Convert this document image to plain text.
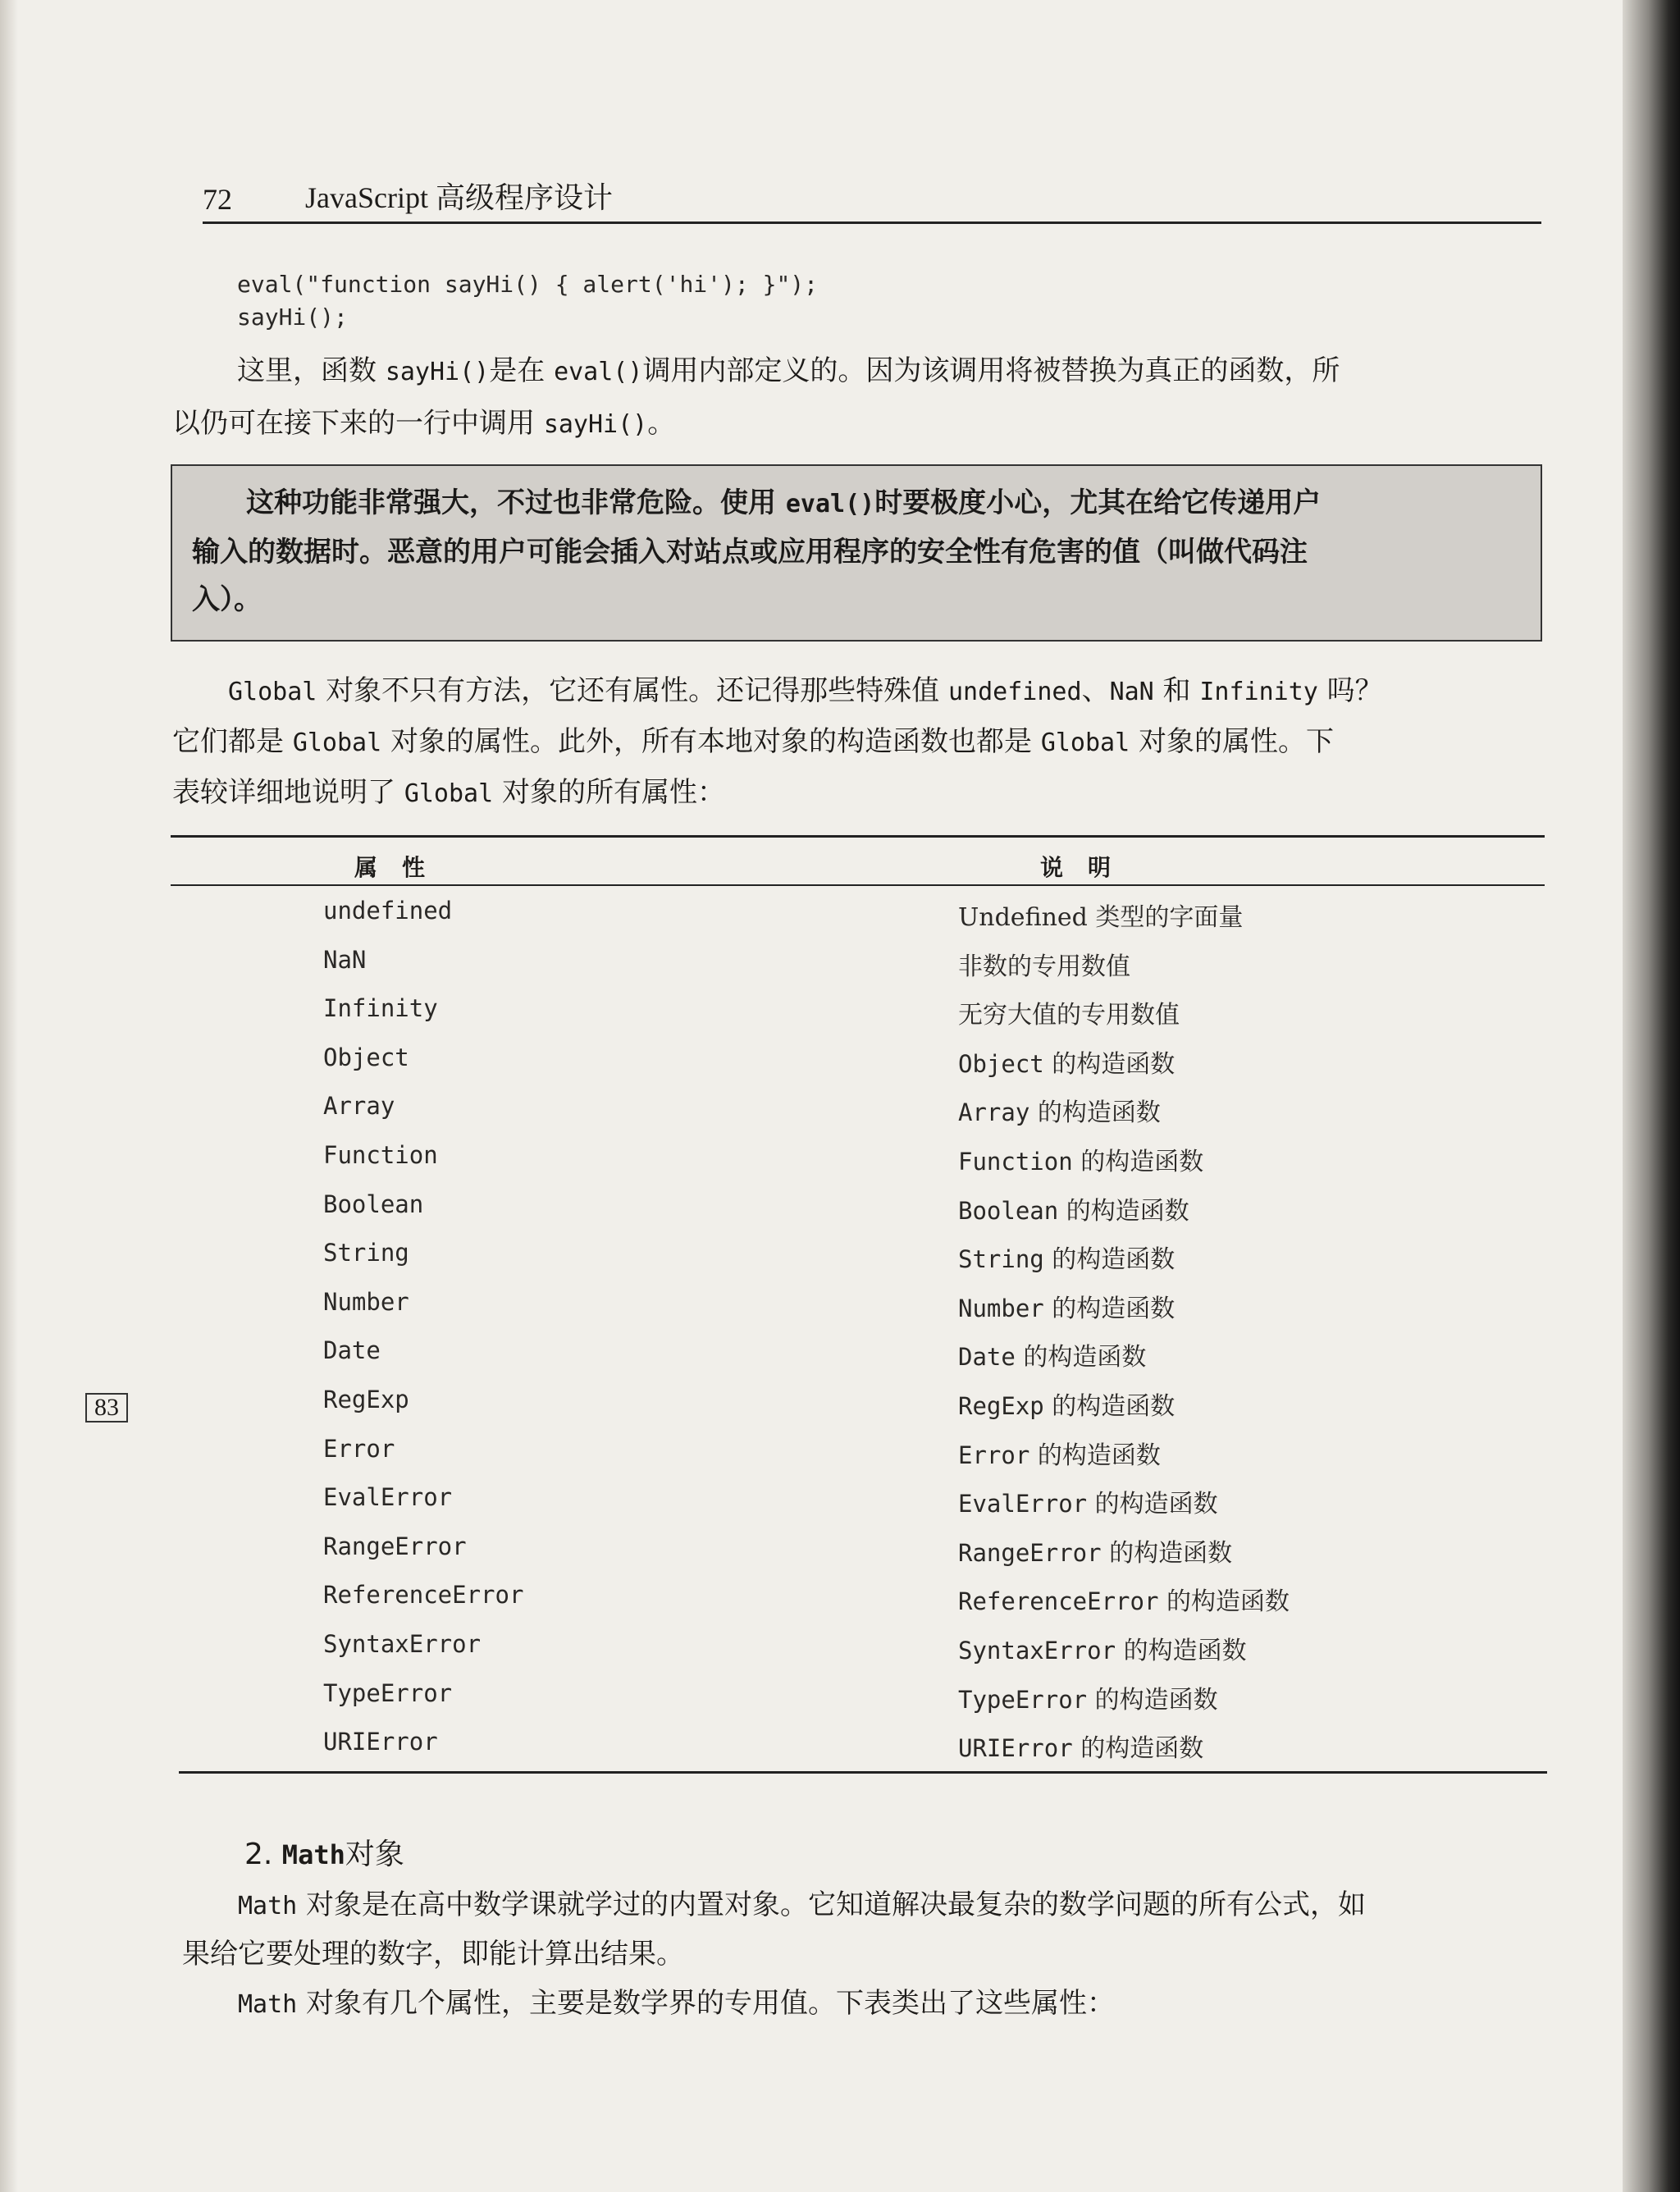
72 JavaScript 高级程序设计
eval("function sayHi() { alert('hi'); }");
sayHi();
这里，函数 sayHi()是在 eval()调用内部定义的。因为该调用将被替换为真正的函数，所
以仍可在接下来的一行中调用 sayHi()。
这种功能非常强大，不过也非常危险。使用 eval()时要极度小心，尤其在给它传递用户
输入的数据时。恶意的用户可能会插入对站点或应用程序的安全性有危害的值（叫做代码注
入）。
Global 对象不只有方法，它还有属性。还记得那些特殊值 undefined、NaN 和 Infinity 吗？
它们都是 Global 对象的属性。此外，所有本地对象的构造函数也都是 Global 对象的属性。下
表较详细地说明了 Global 对象的所有属性：
属性	说明
undefined	Undefined 类型的字面量
NaN	非数的专用数值
Infinity	无穷大值的专用数值
Object	Object 的构造函数
Array	Array 的构造函数
Function	Function 的构造函数
Boolean	Boolean 的构造函数
String	String 的构造函数
Number	Number 的构造函数
Date	Date 的构造函数
RegExp	RegExp 的构造函数
Error	Error 的构造函数
EvalError	EvalError 的构造函数
RangeError	RangeError 的构造函数
ReferenceError	ReferenceError 的构造函数
SyntaxError	SyntaxError 的构造函数
TypeError	TypeError 的构造函数
URIError	URIError 的构造函数
83
2. Math对象
Math 对象是在高中数学课就学过的内置对象。它知道解决最复杂的数学问题的所有公式，如
果给它要处理的数字，即能计算出结果。
Math 对象有几个属性，主要是数学界的专用值。下表类出了这些属性：
